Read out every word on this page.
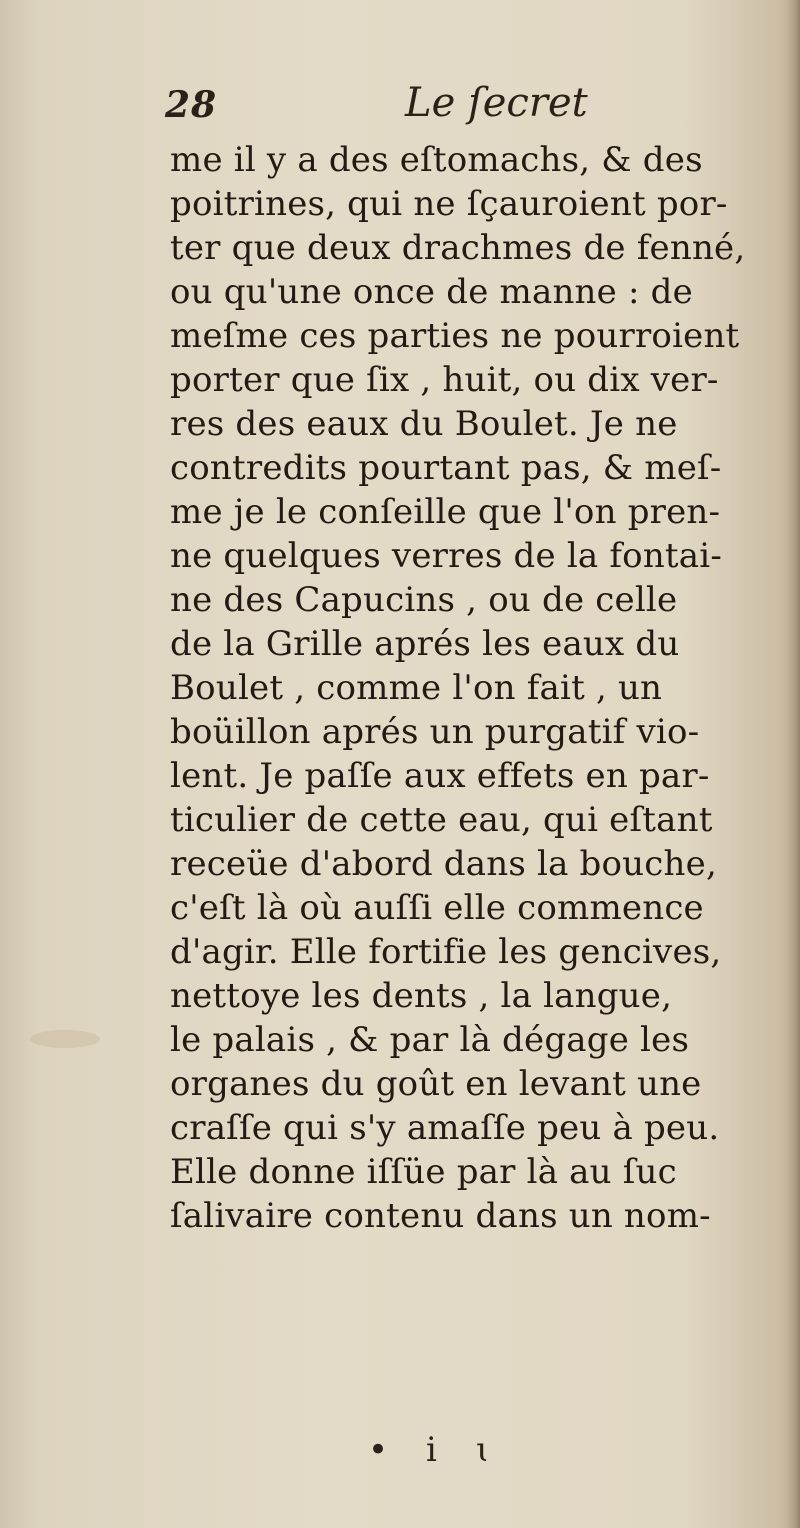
28	Le ſecret
me il y a des eſtomachs, & des
poitrines, qui ne ſçauroient por-
ter que deux drachmes de fenné,
ou qu'une once de manne : de
meſme ces parties ne pourroient
porter que ſix , huit, ou dix ver-
res des eaux du Boulet. Je ne
contredits pourtant pas, & meſ-
me je le conſeille que l'on pren-
ne quelques verres de la fontai-
ne des Capucins , ou de celle
de la Grille aprés les eaux du
Boulet , comme l'on fait , un
boüillon aprés un purgatif vio-
lent. Je paſſe aux effets en par-
ticulier de cette eau, qui eſtant
receüe d'abord dans la bouche,
c'eſt là où auſſi elle commence
d'agir. Elle fortifie les gencives,
nettoye les dents , la langue,
le palais , & par là dégage les
organes du goût en levant une
craſſe qui s'y amaſſe peu à peu.
Elle donne iſſüe par là au ſuc
ſalivaire contenu dans un nom-
• ⅰ ɩ
